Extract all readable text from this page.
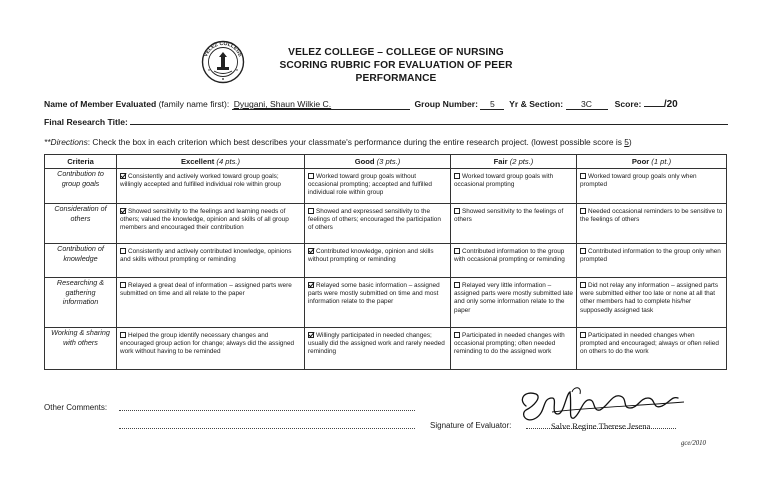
VELEZ COLLEGE	VELEZ COLLEGE – COLLEGE OF NURSING
SCORING RUBRIC FOR EVALUATION OF PEER PERFORMANCE
Name of Member Evaluated (family name first): Dyugani, Shaun Wilkie C.	Group Number: 5 Yr & Section: 3C	Score: /20
Final Research Title:
**Directions: Check the box in each criterion which best describes your classmate's performance during the entire research project. (lowest possible score is 5)
Criteria	Excellent (4 pts.)	Good (3 pts.)	Fair (2 pts.)	Poor (1 pt.)
Contribution to group goals	Consistently and actively worked toward group goals; willingly accepted and fulfilled individual role within group	Worked toward group goals without occasional prompting; accepted and fulfilled individual role within group	Worked toward group goals with occasional prompting	Worked toward group goals only when prompted
Consideration of others	Showed sensitivity to the feelings and learning needs of others; valued the knowledge, opinion and skills of all group members and encouraged their contribution	Showed and expressed sensitivity to the feelings of others; encouraged the participation of others	Showed sensitivity to the feelings of others	Needed occasional reminders to be sensitive to the feelings of others
Contribution of knowledge	Consistently and actively contributed knowledge, opinions and skills without prompting or reminding	Contributed knowledge, opinion and skills without prompting or reminding	Contributed information to the group with occasional prompting or reminding	Contributed information to the group only when prompted
Researching & gathering information	Relayed a great deal of information – assigned parts were submitted on time and all relate to the paper	Relayed some basic information – assigned parts were mostly submitted on time and most information relate to the paper	Relayed very little information – assigned parts were mostly submitted late and only some information relate to the paper	Did not relay any information – assigned parts were submitted either too late or none at all that other members had to complete his/her supposedly assigned task
Working & sharing with others	Helped the group identify necessary changes and encouraged group action for change; always did the assigned work without having to be reminded	Willingly participated in needed changes; usually did the assigned work and rarely needed reminding	Participated in needed changes with occasional prompting; often needed reminding to do the assigned work	Participated in needed changes when prompted and encouraged; always or often relied on others to do the work
Other Comments:
Signature of Evaluator:	Salve Regine Therese Jesena
gce/2010
